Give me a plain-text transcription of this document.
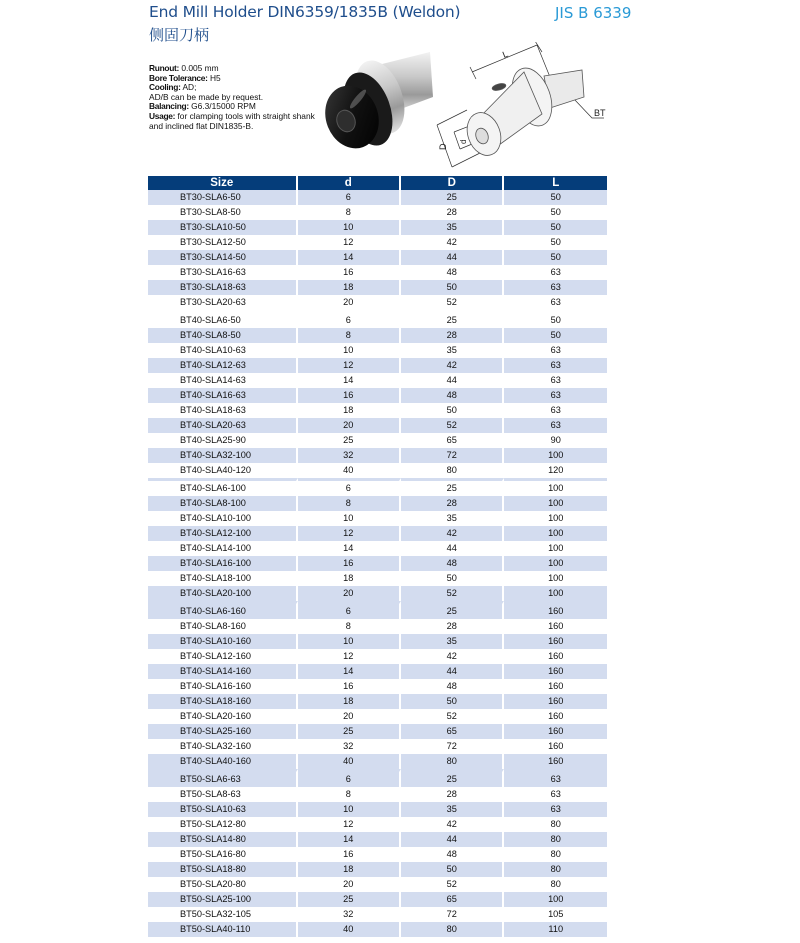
End Mill Holder DIN6359/1835B (Weldon)
侧固刀柄
JIS B 6339
Runout: 0.005 mm
Bore Tolerance: H5
Cooling: AD;
AD/B can be made by request.
Balancing: G6.3/15000 RPM
Usage: for clamping tools with straight shank and inclined flat DIN1835-B.
L
D
d
BT
Size	d	D	L
BT30-SLA6-50	6	25	50
BT30-SLA8-50	8	28	50
BT30-SLA10-50	10	35	50
BT30-SLA12-50	12	42	50
BT30-SLA14-50	14	44	50
BT30-SLA16-63	16	48	63
BT30-SLA18-63	18	50	63
BT30-SLA20-63	20	52	63
BT40-SLA6-50	6	25	50
BT40-SLA8-50	8	28	50
BT40-SLA10-63	10	35	63
BT40-SLA12-63	12	42	63
BT40-SLA14-63	14	44	63
BT40-SLA16-63	16	48	63
BT40-SLA18-63	18	50	63
BT40-SLA20-63	20	52	63
BT40-SLA25-90	25	65	90
BT40-SLA32-100	32	72	100
BT40-SLA40-120	40	80	120
BT40-SLA6-100	6	25	100
BT40-SLA8-100	8	28	100
BT40-SLA10-100	10	35	100
BT40-SLA12-100	12	42	100
BT40-SLA14-100	14	44	100
BT40-SLA16-100	16	48	100
BT40-SLA18-100	18	50	100
BT40-SLA20-100	20	52	100
BT40-SLA6-160	6	25	160
BT40-SLA8-160	8	28	160
BT40-SLA10-160	10	35	160
BT40-SLA12-160	12	42	160
BT40-SLA14-160	14	44	160
BT40-SLA16-160	16	48	160
BT40-SLA18-160	18	50	160
BT40-SLA20-160	20	52	160
BT40-SLA25-160	25	65	160
BT40-SLA32-160	32	72	160
BT40-SLA40-160	40	80	160
BT50-SLA6-63	6	25	63
BT50-SLA8-63	8	28	63
BT50-SLA10-63	10	35	63
BT50-SLA12-80	12	42	80
BT50-SLA14-80	14	44	80
BT50-SLA16-80	16	48	80
BT50-SLA18-80	18	50	80
BT50-SLA20-80	20	52	80
BT50-SLA25-100	25	65	100
BT50-SLA32-105	32	72	105
BT50-SLA40-110	40	80	110
